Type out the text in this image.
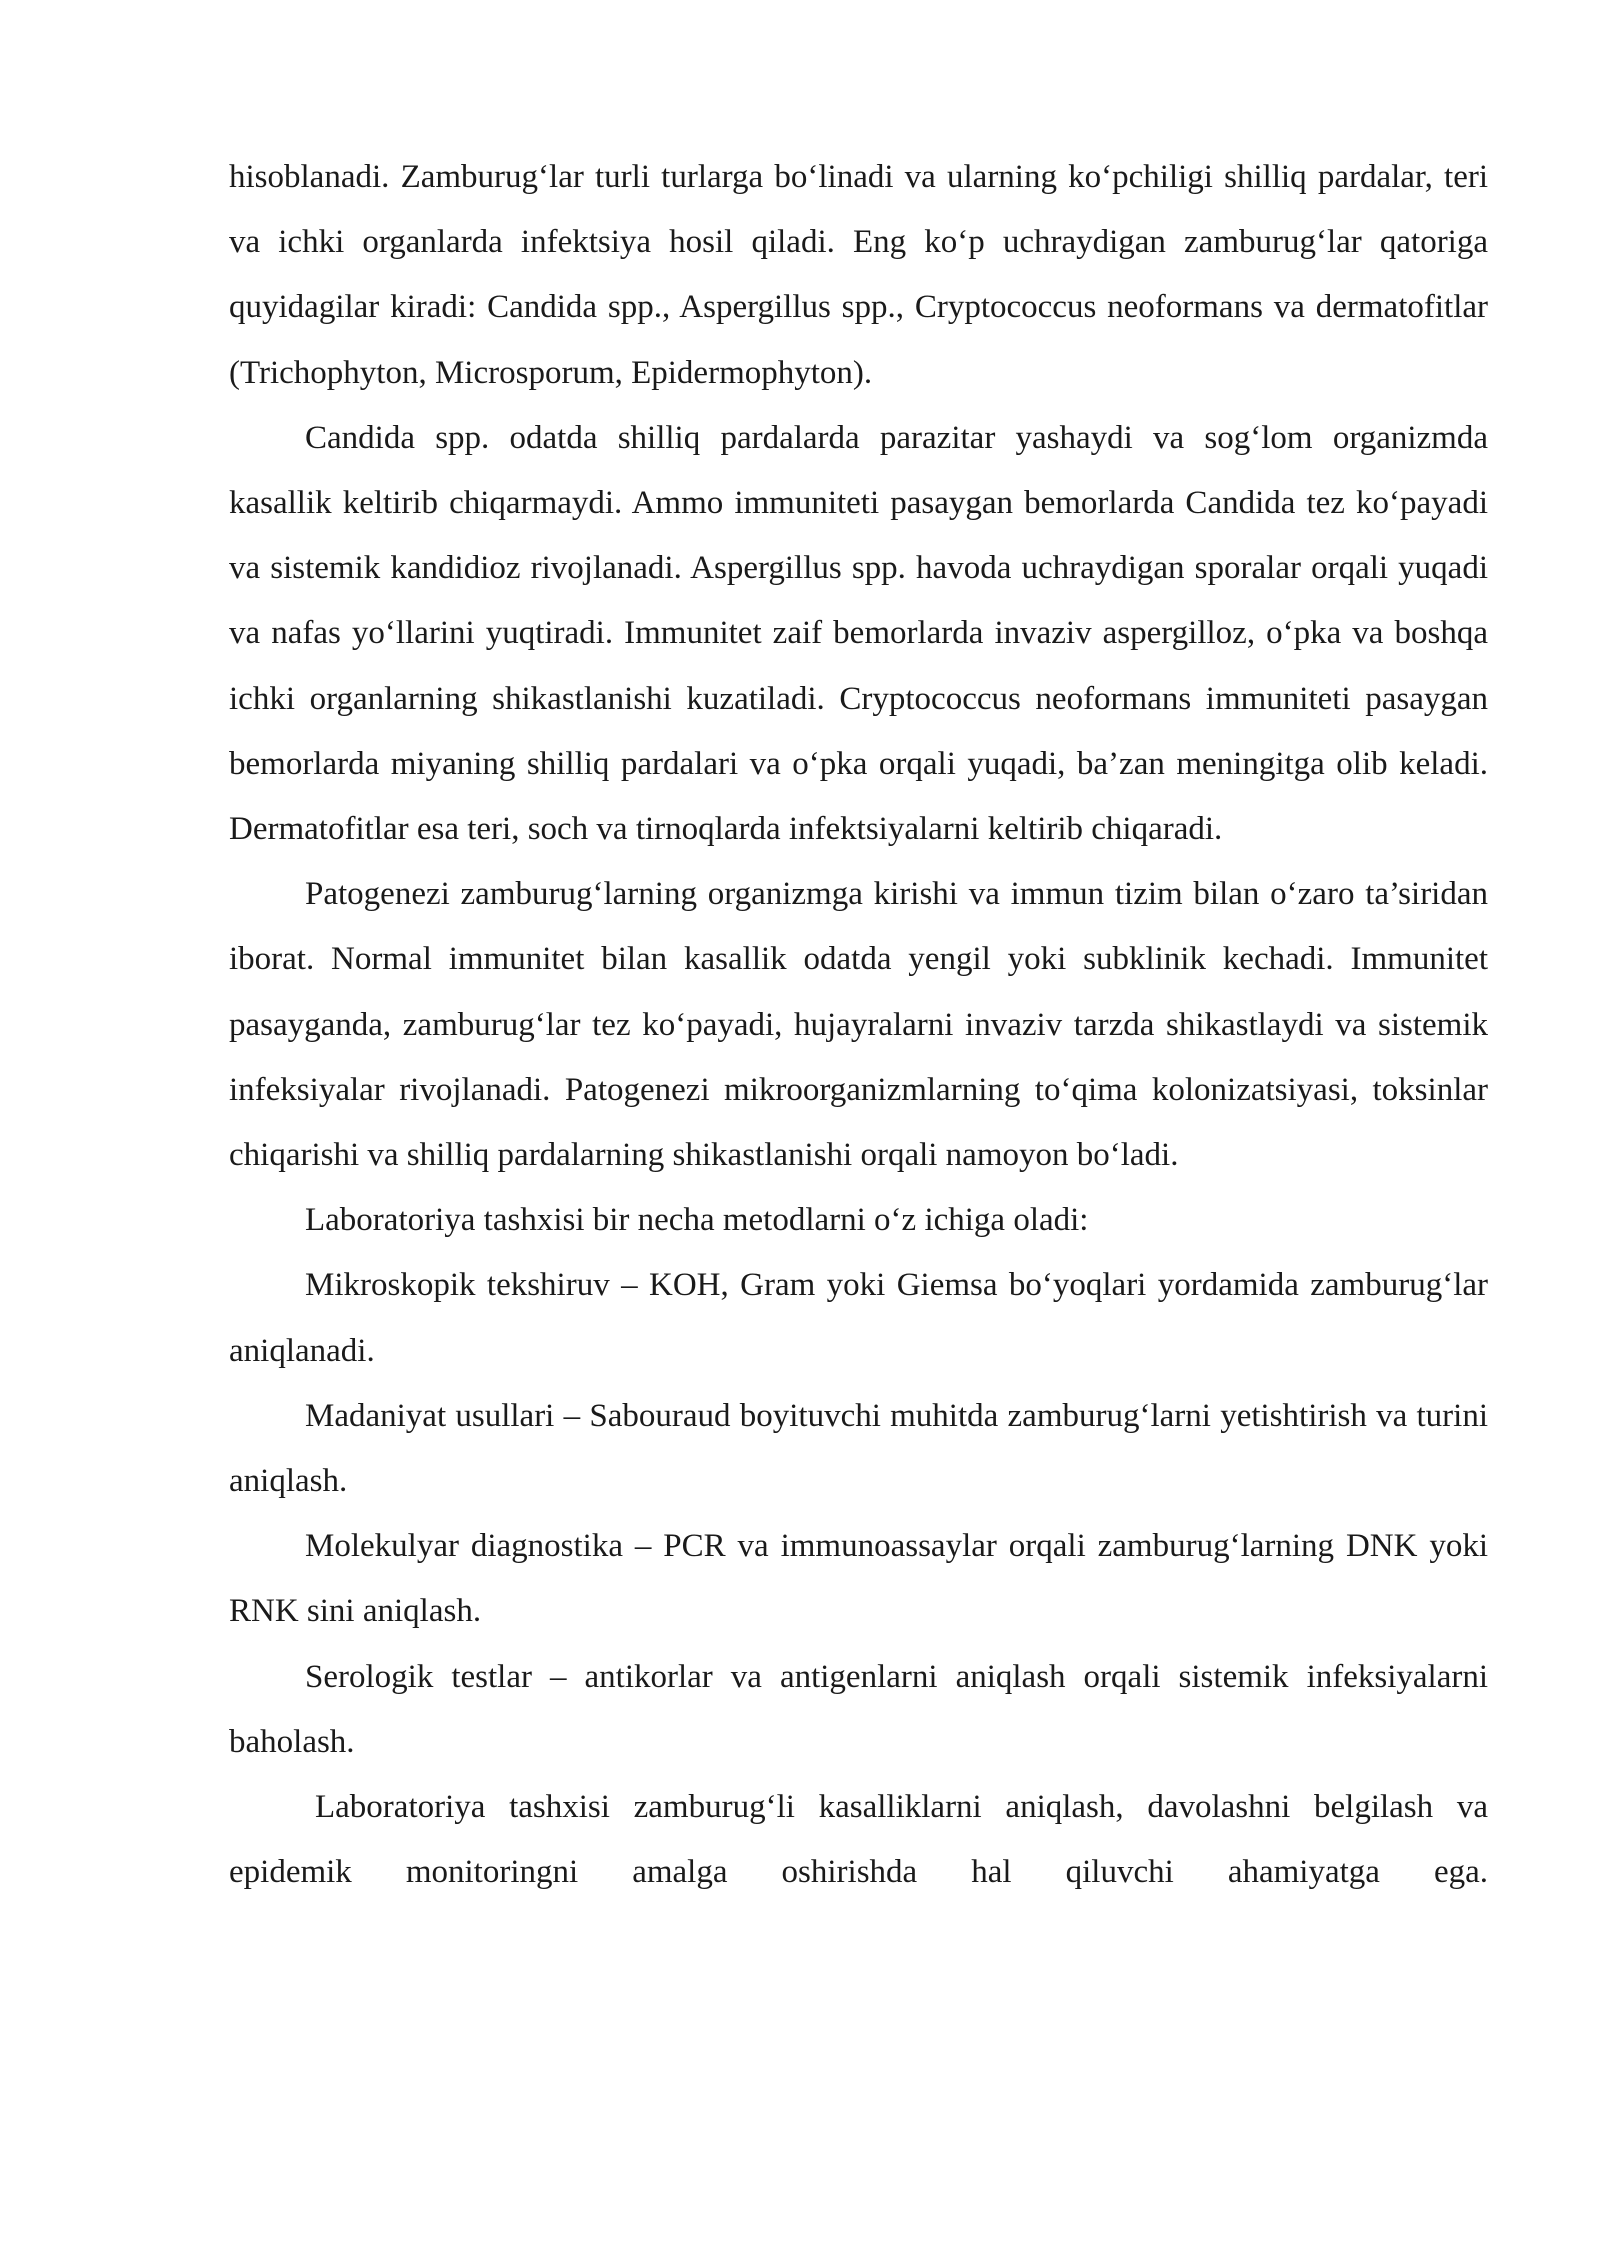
hisoblanadi. Zamburug‘lar turli turlarga bo‘linadi va ularning ko‘pchiligi shilliq pardalar, teri va ichki organlarda infektsiya hosil qiladi. Eng ko‘p uchraydigan zamburug‘lar qatoriga quyidagilar kiradi: Candida spp., Aspergillus spp., Cryptococcus neoformans va dermatofitlar (Trichophyton, Microsporum, Epidermophyton).

Candida spp. odatda shilliq pardalarda parazitar yashaydi va sog‘lom organizmda kasallik keltirib chiqarmaydi. Ammo immuniteti pasaygan bemorlarda Candida tez ko‘payadi va sistemik kandidioz rivojlanadi. Aspergillus spp. havoda uchraydigan sporalar orqali yuqadi va nafas yo‘llarini yuqtiradi. Immunitet zaif bemorlarda invaziv aspergilloz, o‘pka va boshqa ichki organlarning shikastlanishi kuzatiladi. Cryptococcus neoformans immuniteti pasaygan bemorlarda miyaning shilliq pardalari va o‘pka orqali yuqadi, ba’zan meningitga olib keladi. Dermatofitlar esa teri, soch va tirnoqlarda infektsiyalarni keltirib chiqaradi.

Patogenezi zamburug‘larning organizmga kirishi va immun tizim bilan o‘zaro ta’siridan iborat. Normal immunitet bilan kasallik odatda yengil yoki subklinik kechadi. Immunitet pasayganda, zamburug‘lar tez ko‘payadi, hujayralarni invaziv tarzda shikastlaydi va sistemik infeksiyalar rivojlanadi. Patogenezi mikroorganizmlarning to‘qima kolonizatsiyasi, toksinlar chiqarishi va shilliq pardalarning shikastlanishi orqali namoyon bo‘ladi.

Laboratoriya tashxisi bir necha metodlarni o‘z ichiga oladi:

Mikroskopik tekshiruv – KOH, Gram yoki Giemsa bo‘yoqlari yordamida zamburug‘lar aniqlanadi.

Madaniyat usullari – Sabouraud boyituvchi muhitda zamburug‘larni yetishtirish va turini aniqlash.

Molekulyar diagnostika – PCR va immunoassaylar orqali zamburug‘larning DNK yoki RNK sini aniqlash.

Serologik testlar – antikorlar va antigenlarni aniqlash orqali sistemik infeksiyalarni baholash.

Laboratoriya tashxisi zamburug‘li kasalliklarni aniqlash, davolashni belgilash va epidemik monitoringni amalga oshirishda hal qiluvchi ahamiyatga ega.
